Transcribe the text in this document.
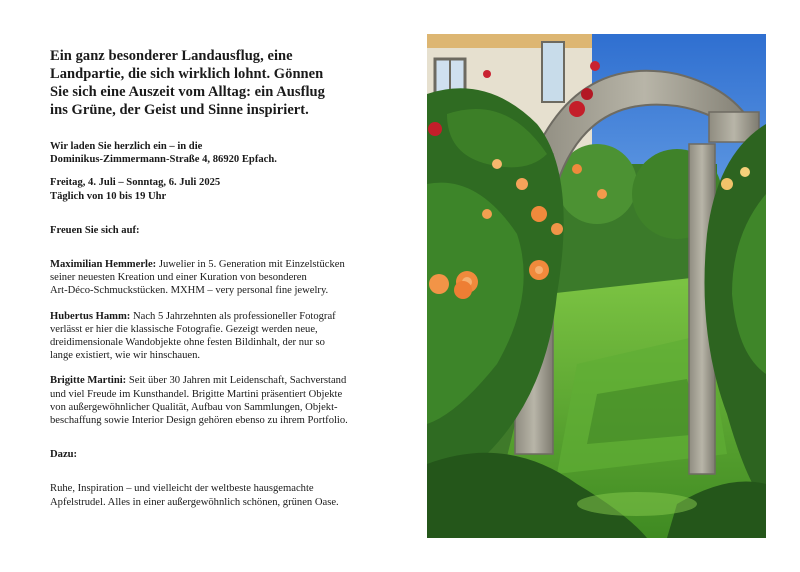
Ein ganz besonderer Landausflug, eine
Landpartie, die sich wirklich lohnt. Gönnen
Sie sich eine Auszeit vom Alltag: ein Ausflug
ins Grüne, der Geist und Sinne inspiriert.
Wir laden Sie herzlich ein – in die
Dominikus-Zimmermann-Straße 4, 86920 Epfach.
Freitag, 4. Juli – Sonntag, 6. Juli 2025
Täglich von 10 bis 19 Uhr
Freuen Sie sich auf:
Maximilian Hemmerle: Juwelier in 5. Generation mit Einzelstücken
seiner neuesten Kreation und einer Kuration von besonderen
Art-Déco-Schmuckstücken. MXHM – very personal fine jewelry.
Hubertus Hamm: Nach 5 Jahrzehnten als professioneller Fotograf
verlässt er hier die klassische Fotografie. Gezeigt werden neue,
dreidimensionale Wandobjekte ohne festen Bildinhalt, der nur so
lange existiert, wie wir hinschauen.
Brigitte Martini: Seit über 30 Jahren mit Leidenschaft, Sachverstand
und viel Freude im Kunsthandel. Brigitte Martini präsentiert Objekte
von außergewöhnlicher Qualität, Aufbau von Sammlungen, Objekt-
beschaffung sowie Interior Design gehören ebenso zu ihrem Portfolio.
Dazu:
Ruhe, Inspiration – und vielleicht der weltbeste hausgemachte
Apfelstrudel. Alles in einer außergewöhnlich schönen, grünen Oase.
